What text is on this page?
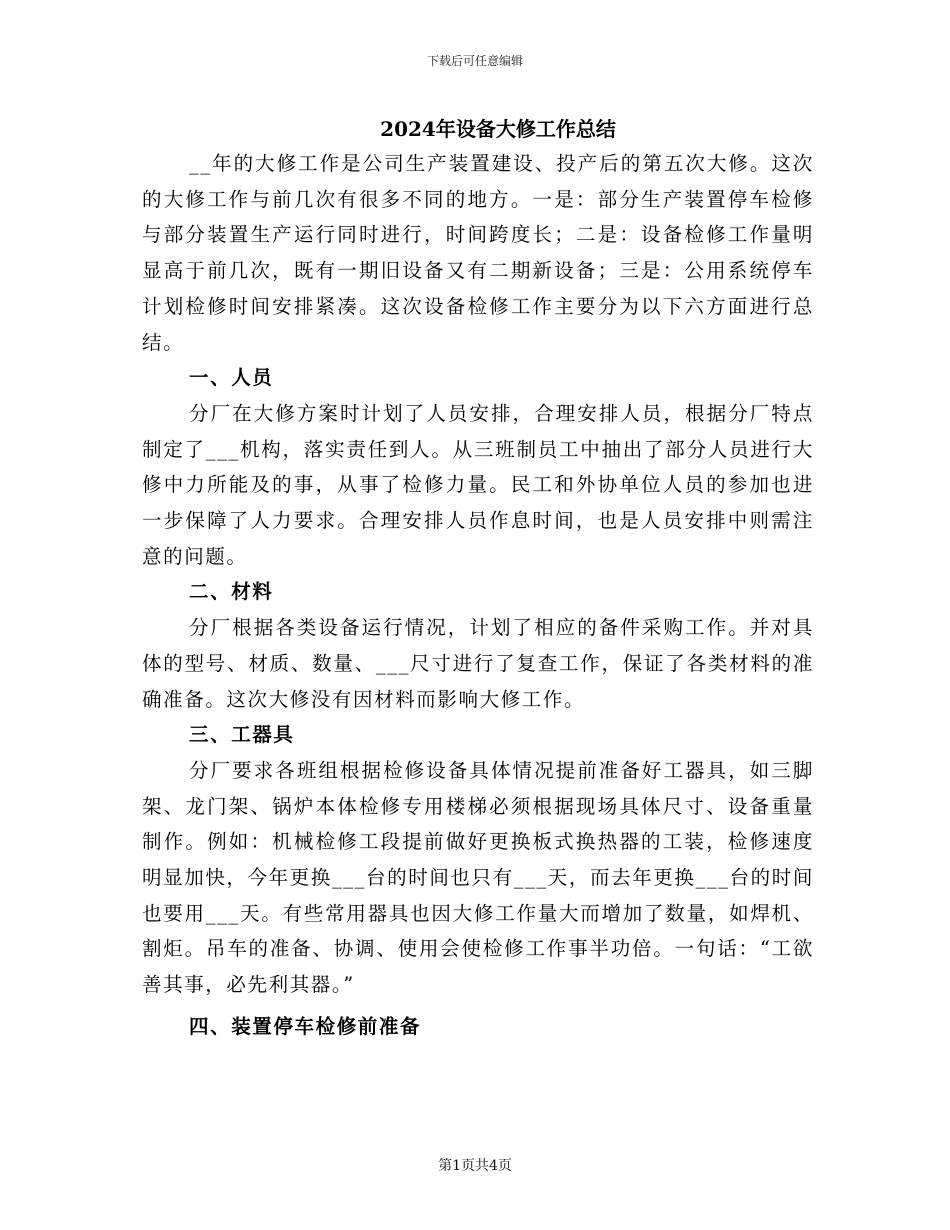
下载后可任意编辑
2024年设备大修工作总结

__年的大修工作是公司生产装置建设、投产后的第五次大修。这次的大修工作与前几次有很多不同的地方。一是：部分生产装置停车检修与部分装置生产运行同时进行，时间跨度长；二是：设备检修工作量明显高于前几次，既有一期旧设备又有二期新设备；三是：公用系统停车计划检修时间安排紧凑。这次设备检修工作主要分为以下六方面进行总结。

一、人员

分厂在大修方案时计划了人员安排，合理安排人员，根据分厂特点制定了___机构，落实责任到人。从三班制员工中抽出了部分人员进行大修中力所能及的事，从事了检修力量。民工和外协单位人员的参加也进一步保障了人力要求。合理安排人员作息时间，也是人员安排中则需注意的问题。

二、材料

分厂根据各类设备运行情况，计划了相应的备件采购工作。并对具体的型号、材质、数量、___尺寸进行了复查工作，保证了各类材料的准确准备。这次大修没有因材料而影响大修工作。

三、工器具

分厂要求各班组根据检修设备具体情况提前准备好工器具，如三脚架、龙门架、锅炉本体检修专用楼梯必须根据现场具体尺寸、设备重量制作。例如：机械检修工段提前做好更换板式换热器的工装，检修速度明显加快，今年更换___台的时间也只有___天，而去年更换___台的时间也要用___天。有些常用器具也因大修工作量大而增加了数量，如焊机、割炬。吊车的准备、协调、使用会使检修工作事半功倍。一句话：“工欲善其事，必先利其器。”

四、装置停车检修前准备
第1页共4页
